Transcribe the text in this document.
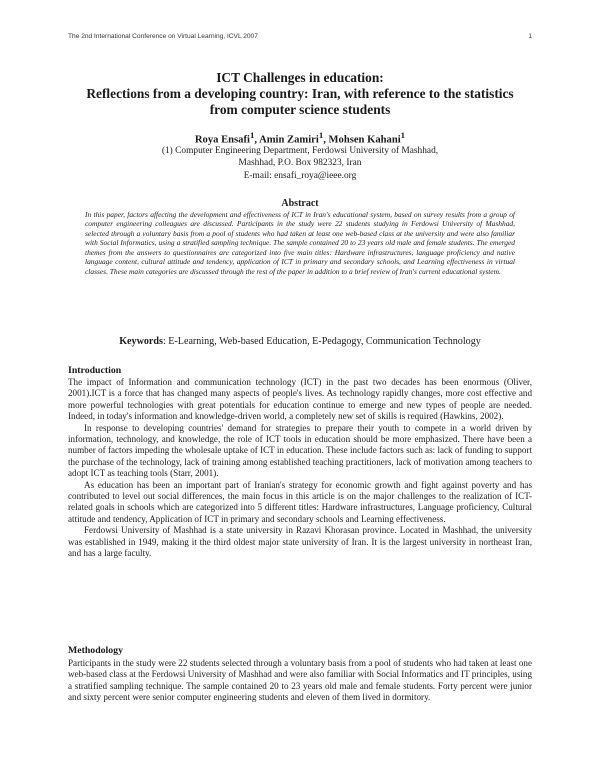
The 2nd International Conference on Virtual Learning, ICVL 2007	1
ICT Challenges in education:
Reflections from a developing country: Iran, with reference to the statistics
from computer science students
Roya Ensafi$^1$, Amin Zamiri$^1$, Mohsen Kahani$^1$
(1) Computer Engineering Department, Ferdowsi University of Mashhad,
Mashhad, P.O. Box 982323, Iran
E-mail: ensafi_roya@ieee.org
Abstract
In this paper, factors affecting the development and effectiveness of ICT in Iran's educational system, based on survey results from a group of computer engineering colleagues are discussed. Participants in the study were 22 students studying in Ferdowsi University of Mashhad, selected through a voluntary basis from a pool of students who had taken at least one web-based class at the university and were also familiar with Social Informatics, using a stratified sampling technique. The sample contained 20 to 23 years old male and female students. The emerged themes from the answers to questionnaires are categorized into five main titles: Hardware infrastructures, language proficiency and native language content, cultural attitude and tendency, application of ICT in primary and secondary schools, and Learning effectiveness in virtual classes. These main categories are discussed through the rest of the paper in addition to a brief review of Iran's current educational system.
Keywords: E-Learning, Web-based Education, E-Pedagogy, Communication Technology
Introduction

The impact of Information and communication technology (ICT) in the past two decades has been enormous (Oliver, 2001).ICT is a force that has changed many aspects of people's lives. As technology rapidly changes, more cost effective and more powerful technologies with great potentials for education continue to emerge and new types of people are needed. Indeed, in today's information and knowledge-driven world, a completely new set of skills is required (Hawkins, 2002).

In response to developing countries' demand for strategies to prepare their youth to compete in a world driven by information, technology, and knowledge, the role of ICT tools in education should be more emphasized. There have been a number of factors impeding the wholesale uptake of ICT in education. These include factors such as: lack of funding to support the purchase of the technology, lack of training among established teaching practitioners, lack of motivation among teachers to adopt ICT as teaching tools (Starr, 2001).

As education has been an important part of Iranian's strategy for economic growth and fight against poverty and has contributed to level out social differences, the main focus in this article is on the major challenges to the realization of ICT-related goals in schools which are categorized into 5 different titles: Hardware infrastructures, Language proficiency, Cultural attitude and tendency, Application of ICT in primary and secondary schools and Learning effectiveness.

Ferdowsi University of Mashhad is a state university in Razavi Khorasan province. Located in Mashhad, the university was established in 1949, making it the third oldest major state university of Iran. It is the largest university in northeast Iran, and has a large faculty.

Methodology

Participants in the study were 22 students selected through a voluntary basis from a pool of students who had taken at least one web-based class at the Ferdowsi University of Mashhad and were also familiar with Social Informatics and IT principles, using a stratified sampling technique. The sample contained 20 to 23 years old male and female students. Forty percent were junior and sixty percent were senior computer engineering students and eleven of them lived in dormitory.
